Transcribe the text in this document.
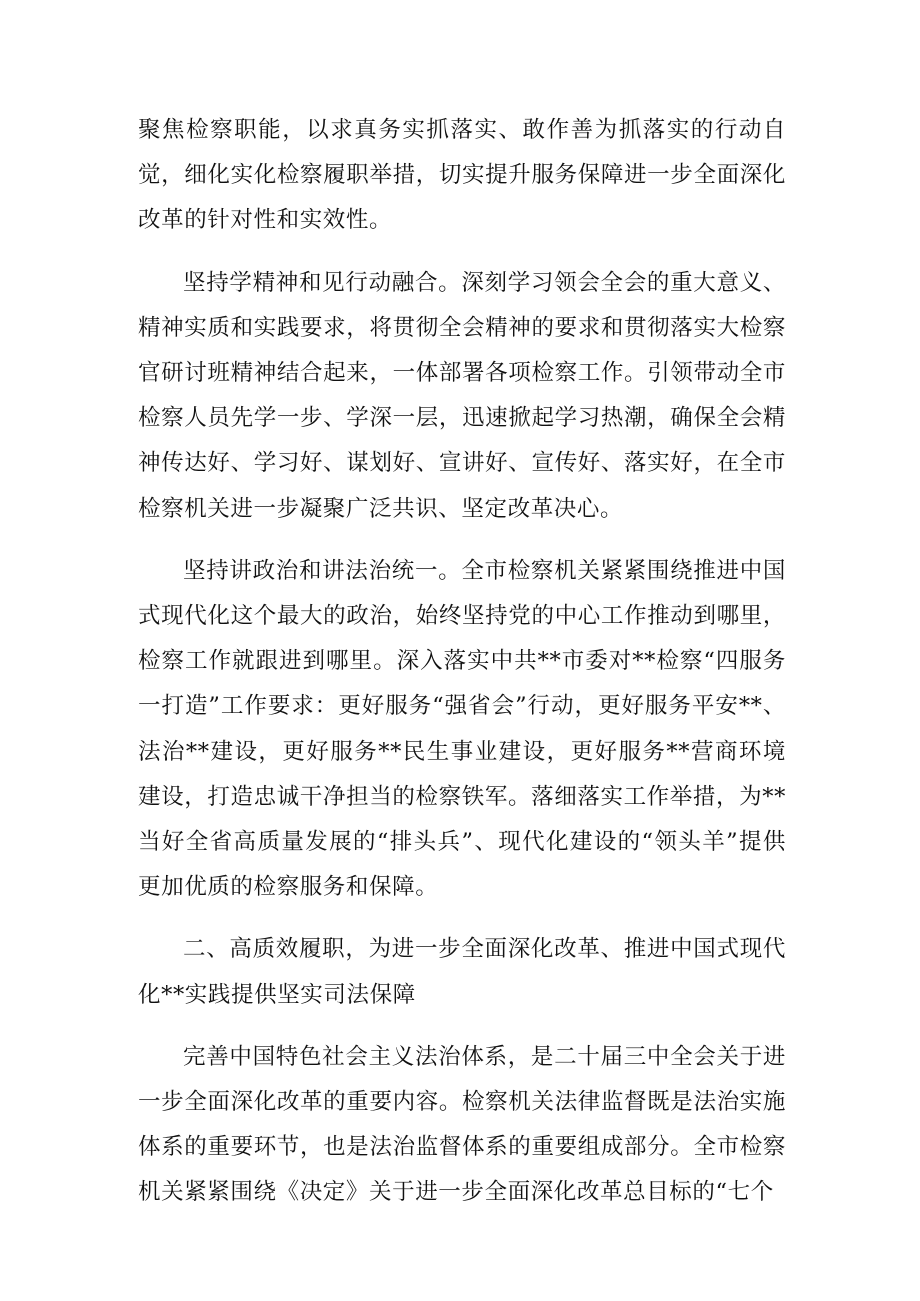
聚焦检察职能，以求真务实抓落实、敢作善为抓落实的行动自觉，细化实化检察履职举措，切实提升服务保障进一步全面深化改革的针对性和实效性。

坚持学精神和见行动融合。深刻学习领会全会的重大意义、精神实质和实践要求，将贯彻全会精神的要求和贯彻落实大检察官研讨班精神结合起来，一体部署各项检察工作。引领带动全市检察人员先学一步、学深一层，迅速掀起学习热潮，确保全会精神传达好、学习好、谋划好、宣讲好、宣传好、落实好，在全市检察机关进一步凝聚广泛共识、坚定改革决心。

坚持讲政治和讲法治统一。全市检察机关紧紧围绕推进中国式现代化这个最大的政治，始终坚持党的中心工作推动到哪里，检察工作就跟进到哪里。深入落实中共**市委对**检察“四服务一打造”工作要求：更好服务“强省会”行动，更好服务平安**、法治**建设，更好服务**民生事业建设，更好服务**营商环境建设，打造忠诚干净担当的检察铁军。落细落实工作举措，为**当好全省高质量发展的“排头兵”、现代化建设的“领头羊”提供更加优质的检察服务和保障。

二、高质效履职，为进一步全面深化改革、推进中国式现代化**实践提供坚实司法保障

完善中国特色社会主义法治体系，是二十届三中全会关于进一步全面深化改革的重要内容。检察机关法律监督既是法治实施体系的重要环节，也是法治监督体系的重要组成部分。全市检察机关紧紧围绕《决定》关于进一步全面深化改革总目标的“七个
